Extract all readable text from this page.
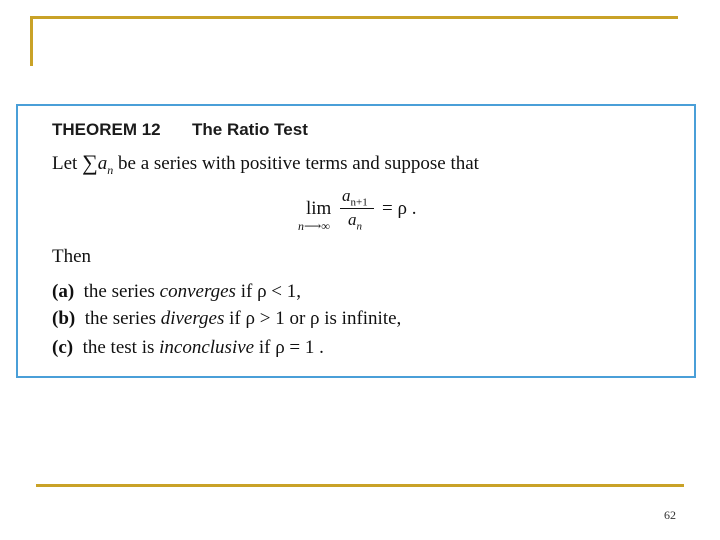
THEOREM 12 The Ratio Test
Let $\sum a_n$ be a series with positive terms and suppose that
lim
n⟶∞
$a_{n+1}$
$a_n$
= ρ .
Then
(a) the series converges if ρ < 1,
(b) the series diverges if ρ > 1 or ρ is infinite,
(c) the test is inconclusive if ρ = 1 .
62
